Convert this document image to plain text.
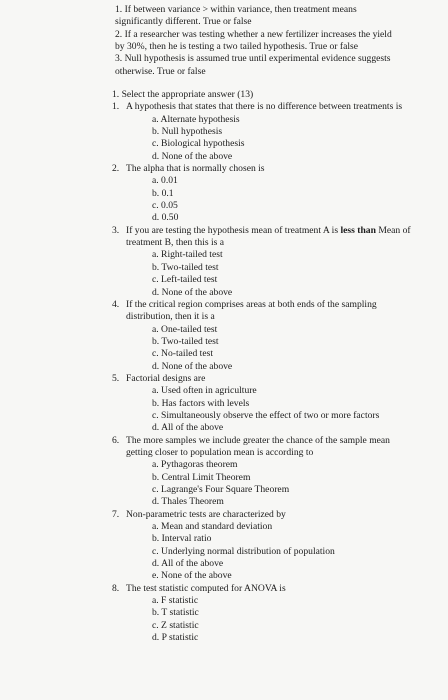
1. If between variance > within variance, then treatment means significantly different. True or false

2. If a researcher was testing whether a new fertilizer increases the yield by 30%, then he is testing a two tailed hypothesis. True or false

3. Null hypothesis is assumed true until experimental evidence suggests otherwise. True or false

1. Select the appropriate answer (13)

1. A hypothesis that states that there is no difference between treatments is

a. Alternate hypothesis

b. Null hypothesis

c. Biological hypothesis

d. None of the above

2. The alpha that is normally chosen is

a. 0.01

b. 0.1

c. 0.05

d. 0.50

3. If you are testing the hypothesis mean of treatment A is less than Mean of treatment B, then this is a

a. Right-tailed test

b. Two-tailed test

c. Left-tailed test

d. None of the above

4. If the critical region comprises areas at both ends of the sampling distribution, then it is a

a. One-tailed test

b. Two-tailed test

c. No-tailed test

d. None of the above

5. Factorial designs are

a. Used often in agriculture

b. Has factors with levels

c. Simultaneously observe the effect of two or more factors

d. All of the above

6. The more samples we include greater the chance of the sample mean getting closer to population mean is according to

a. Pythagoras theorem

b. Central Limit Theorem

c. Lagrange's Four Square Theorem

d. Thales Theorem

7. Non-parametric tests are characterized by

a. Mean and standard deviation

b. Interval ratio

c. Underlying normal distribution of population

d. All of the above

e. None of the above

8. The test statistic computed for ANOVA is

a. F statistic

b. T statistic

c. Z statistic

d. P statistic
